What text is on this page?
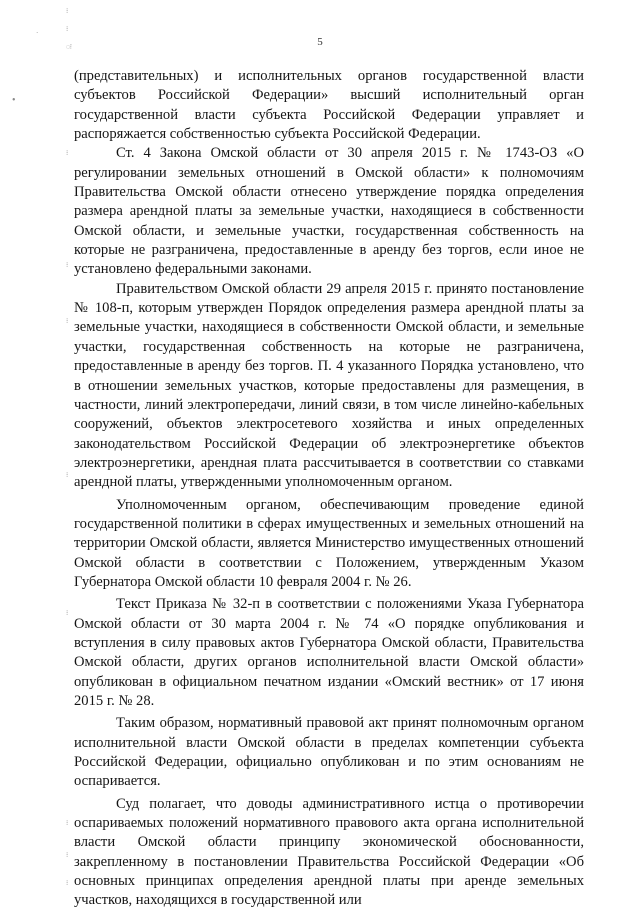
5
⁝
⁝
ः
·
•
⁝
⁝
⁝
⁝
⁝
⁝
⁝
⁝

(представительных) и исполнительных органов государственной власти субъектов Российской Федерации» высший исполнительный орган государственной власти субъекта Российской Федерации управляет и распоряжается собственностью субъекта Российской Федерации.

Ст. 4 Закона Омской области от 30 апреля 2015 г. № 1743-ОЗ «О регулировании земельных отношений в Омской области» к полномочиям Правительства Омской области отнесено утверждение порядка определения размера арендной платы за земельные участки, находящиеся в собственности Омской области, и земельные участки, государственная собственность на которые не разграничена, предоставленные в аренду без торгов, если иное не установлено федеральными законами.

Правительством Омской области 29 апреля 2015 г. принято постановление № 108-п, которым утвержден Порядок определения размера арендной платы за земельные участки, находящиеся в собственности Омской области, и земельные участки, государственная собственность на которые не разграничена, предоставленные в аренду без торгов. П. 4 указанного Порядка установлено, что в отношении земельных участков, которые предоставлены для размещения, в частности, линий электропередачи, линий связи, в том числе линейно-кабельных сооружений, объектов электросетевого хозяйства и иных определенных законодательством Российской Федерации об электроэнергетике объектов электроэнергетики, арендная плата рассчитывается в соответствии со ставками арендной платы, утвержденными уполномоченным органом.

Уполномоченным органом, обеспечивающим проведение единой государственной политики в сферах имущественных и земельных отношений на территории Омской области, является Министерство имущественных отношений Омской области в соответствии с Положением, утвержденным Указом Губернатора Омской области 10 февраля 2004 г. № 26.

Текст Приказа № 32-п в соответствии с положениями Указа Губернатора Омской области от 30 марта 2004 г. № 74 «О порядке опубликования и вступления в силу правовых актов Губернатора Омской области, Правительства Омской области, других органов исполнительной власти Омской области» опубликован в официальном печатном издании «Омский вестник» от 17 июня 2015 г. № 28.

Таким образом, нормативный правовой акт принят полномочным органом исполнительной власти Омской области в пределах компетенции субъекта Российской Федерации, официально опубликован и по этим основаниям не оспаривается.

Суд полагает, что доводы административного истца о противоречии оспариваемых положений нормативного правового акта органа исполнительной власти Омской области принципу экономической обоснованности, закрепленному в постановлении Правительства Российской Федерации «Об основных принципах определения арендной платы при аренде земельных участков, находящихся в государственной или
